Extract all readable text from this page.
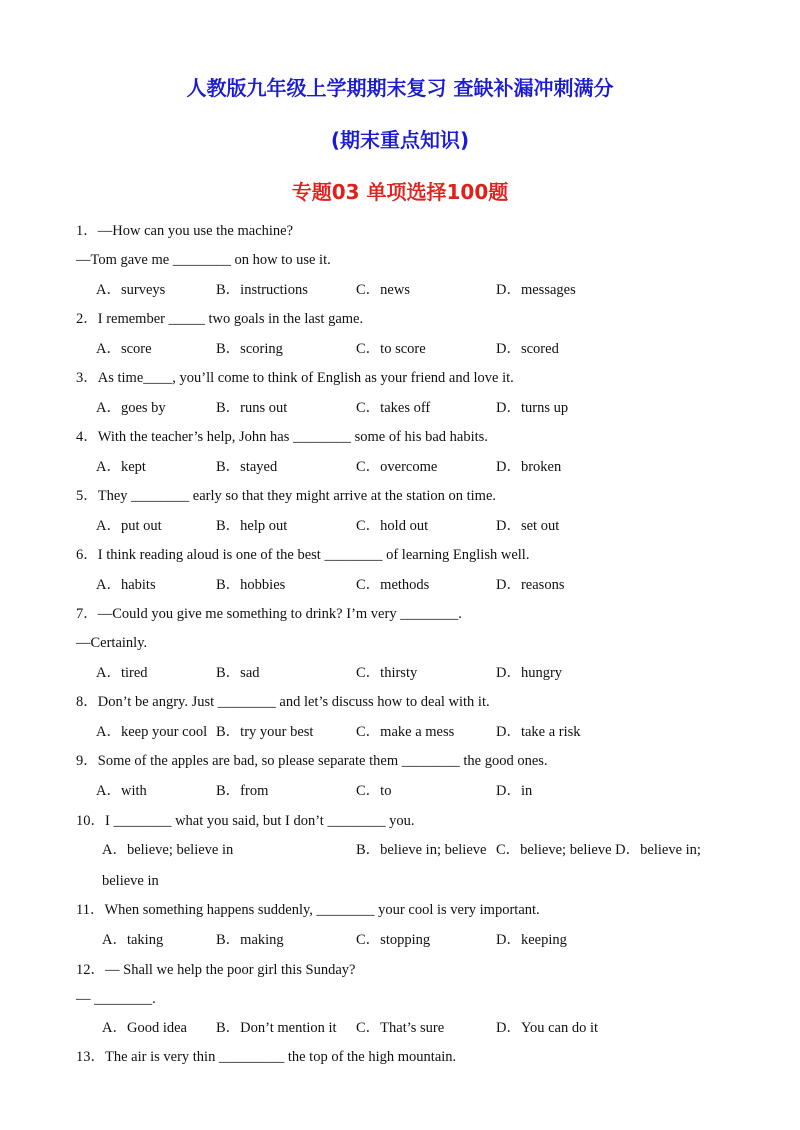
人教版九年级上学期期末复习 查缺补漏冲刺满分
(期末重点知识)
专题03 单项选择100题
1．—How can you use the machine?
—Tom gave me ________ on how to use it.
A．surveys	B．instructions	C．news	D．messages
2．I remember _____ two goals in the last game.
A．score	B．scoring	C．to score	D．scored
3．As time____, you’ll come to think of English as your friend and love it.
A．goes by	B．runs out	C．takes off	D．turns up
4．With the teacher’s help, John has ________ some of his bad habits.
A．kept	B．stayed	C．overcome	D．broken
5．They ________ early so that they might arrive at the station on time.
A．put out	B．help out	C．hold out	D．set out
6．I think reading aloud is one of the best ________ of learning English well.
A．habits	B．hobbies	C．methods	D．reasons
7．—Could you give me something to drink? I’m very ________.
—Certainly.
A．tired	B．sad	C．thirsty	D．hungry
8．Don’t be angry. Just ________ and let’s discuss how to deal with it.
A．keep your cool B．try your best	C．make a mess	D．take a risk
9．Some of the apples are bad, so please separate them ________ the good ones.
A．with	B．from	C．to	D．in
10．I ________ what you said, but I don’t ________ you.
A．believe; believe in	B．believe in; believe C．believe; believe D．believe in;
believe in
11．When something happens suddenly, ________ your cool is very important.
A．taking	B．making	C．stopping	D．keeping
12．— Shall we help the poor girl this Sunday?
— ________.
A．Good idea B．Don’t mention it C．That’s sure	D．You can do it
13．The air is very thin _________ the top of the high mountain.
